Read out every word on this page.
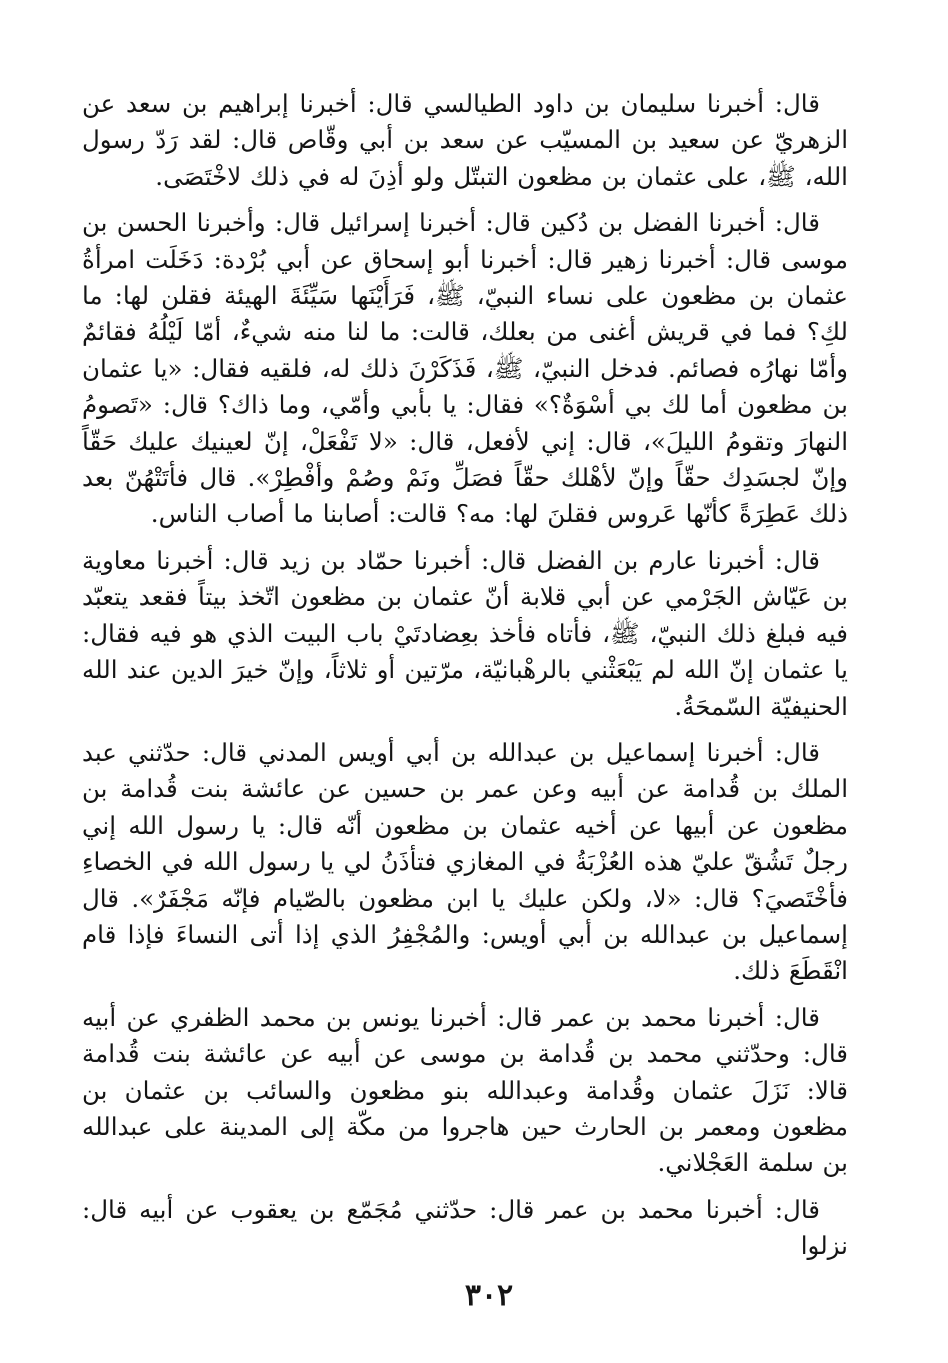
قال: أخبرنا سليمان بن داود الطيالسي قال: أخبرنا إبراهيم بن سعد عن الزهريّ عن سعيد بن المسيّب عن سعد بن أبي وقّاص قال: لقد رَدّ رسول الله، ﷺ، على عثمان بن مظعون التبتّل ولو أذِنَ له في ذلك لاخْتَصَى.

قال: أخبرنا الفضل بن دُكين قال: أخبرنا إسرائيل قال: وأخبرنا الحسن بن موسى قال: أخبرنا زهير قال: أخبرنا أبو إسحاق عن أبي بُرْدة: دَخَلَت امرأةُ عثمان بن مظعون على نساء النبيّ، ﷺ، فَرَأَيْنَها سَيِّئَةَ الهيئة فقلن لها: ما لكِ؟ فما في قريش أغنى من بعلك، قالت: ما لنا منه شيءٌ، أمّا لَيْلُهُ فقائمٌ وأمّا نهارُه فصائم. فدخل النبيّ، ﷺ، فَذَكَرْنَ ذلك له، فلقيه فقال: «يا عثمان بن مظعون أما لك بي أسْوَةٌ؟» فقال: يا بأبي وأمّي، وما ذاك؟ قال: «تَصومُ النهارَ وتقومُ الليلَ»، قال: إني لأفعل، قال: «لا تَفْعَلْ، إنّ لعينيك عليك حَقّاً وإنّ لجسَدِك حقّاً وإنّ لأهْلك حقّاً فصَلِّ ونَمْ وصُمْ وأفْطِرْ». قال فأتَتْهُنّ بعد ذلك عَطِرَةً كأنّها عَروس فقلنَ لها: مه؟ قالت: أصابنا ما أصاب الناس.

قال: أخبرنا عارم بن الفضل قال: أخبرنا حمّاد بن زيد قال: أخبرنا معاوية بن عَيّاش الجَرْمي عن أبي قلابة أنّ عثمان بن مظعون اتّخذ بيتاً فقعد يتعبّد فيه فبلغ ذلك النبيّ، ﷺ، فأتاه فأخذ بعِضادتَيْ باب البيت الذي هو فيه فقال: يا عثمان إنّ الله لم يَبْعَثْني بالرهْبانيّة، مرّتين أو ثلاثاً، وإنّ خيرَ الدين عند الله الحنيفيّة السّمحَةُ.

قال: أخبرنا إسماعيل بن عبدالله بن أبي أويس المدني قال: حدّثني عبد الملك بن قُدامة عن أبيه وعن عمر بن حسين عن عائشة بنت قُدامة بن مظعون عن أبيها عن أخيه عثمان بن مظعون أنّه قال: يا رسول الله إني رجلٌ تَشُقّ عليّ هذه العُزْبَةُ في المغازي فتأذَنُ لي يا رسول الله في الخصاءِ فأخْتَصيَ؟ قال: «لا، ولكن عليك يا ابن مظعون بالصّيام فإنّه مَجْفَرٌ». قال إسماعيل بن عبدالله بن أبي أويس: والمُجْفِرُ الذي إذا أتى النساءَ فإذا قام انْقَطَعَ ذلك.

قال: أخبرنا محمد بن عمر قال: أخبرنا يونس بن محمد الظفري عن أبيه قال: وحدّثني محمد بن قُدامة بن موسى عن أبيه عن عائشة بنت قُدامة قالا: نَزَلَ عثمان وقُدامة وعبدالله بنو مظعون والسائب بن عثمان بن مظعون ومعمر بن الحارث حين هاجروا من مكّة إلى المدينة على عبدالله بن سلمة العَجْلاني.

قال: أخبرنا محمد بن عمر قال: حدّثني مُجَمّع بن يعقوب عن أبيه قال: نزلوا

٣٠٢
